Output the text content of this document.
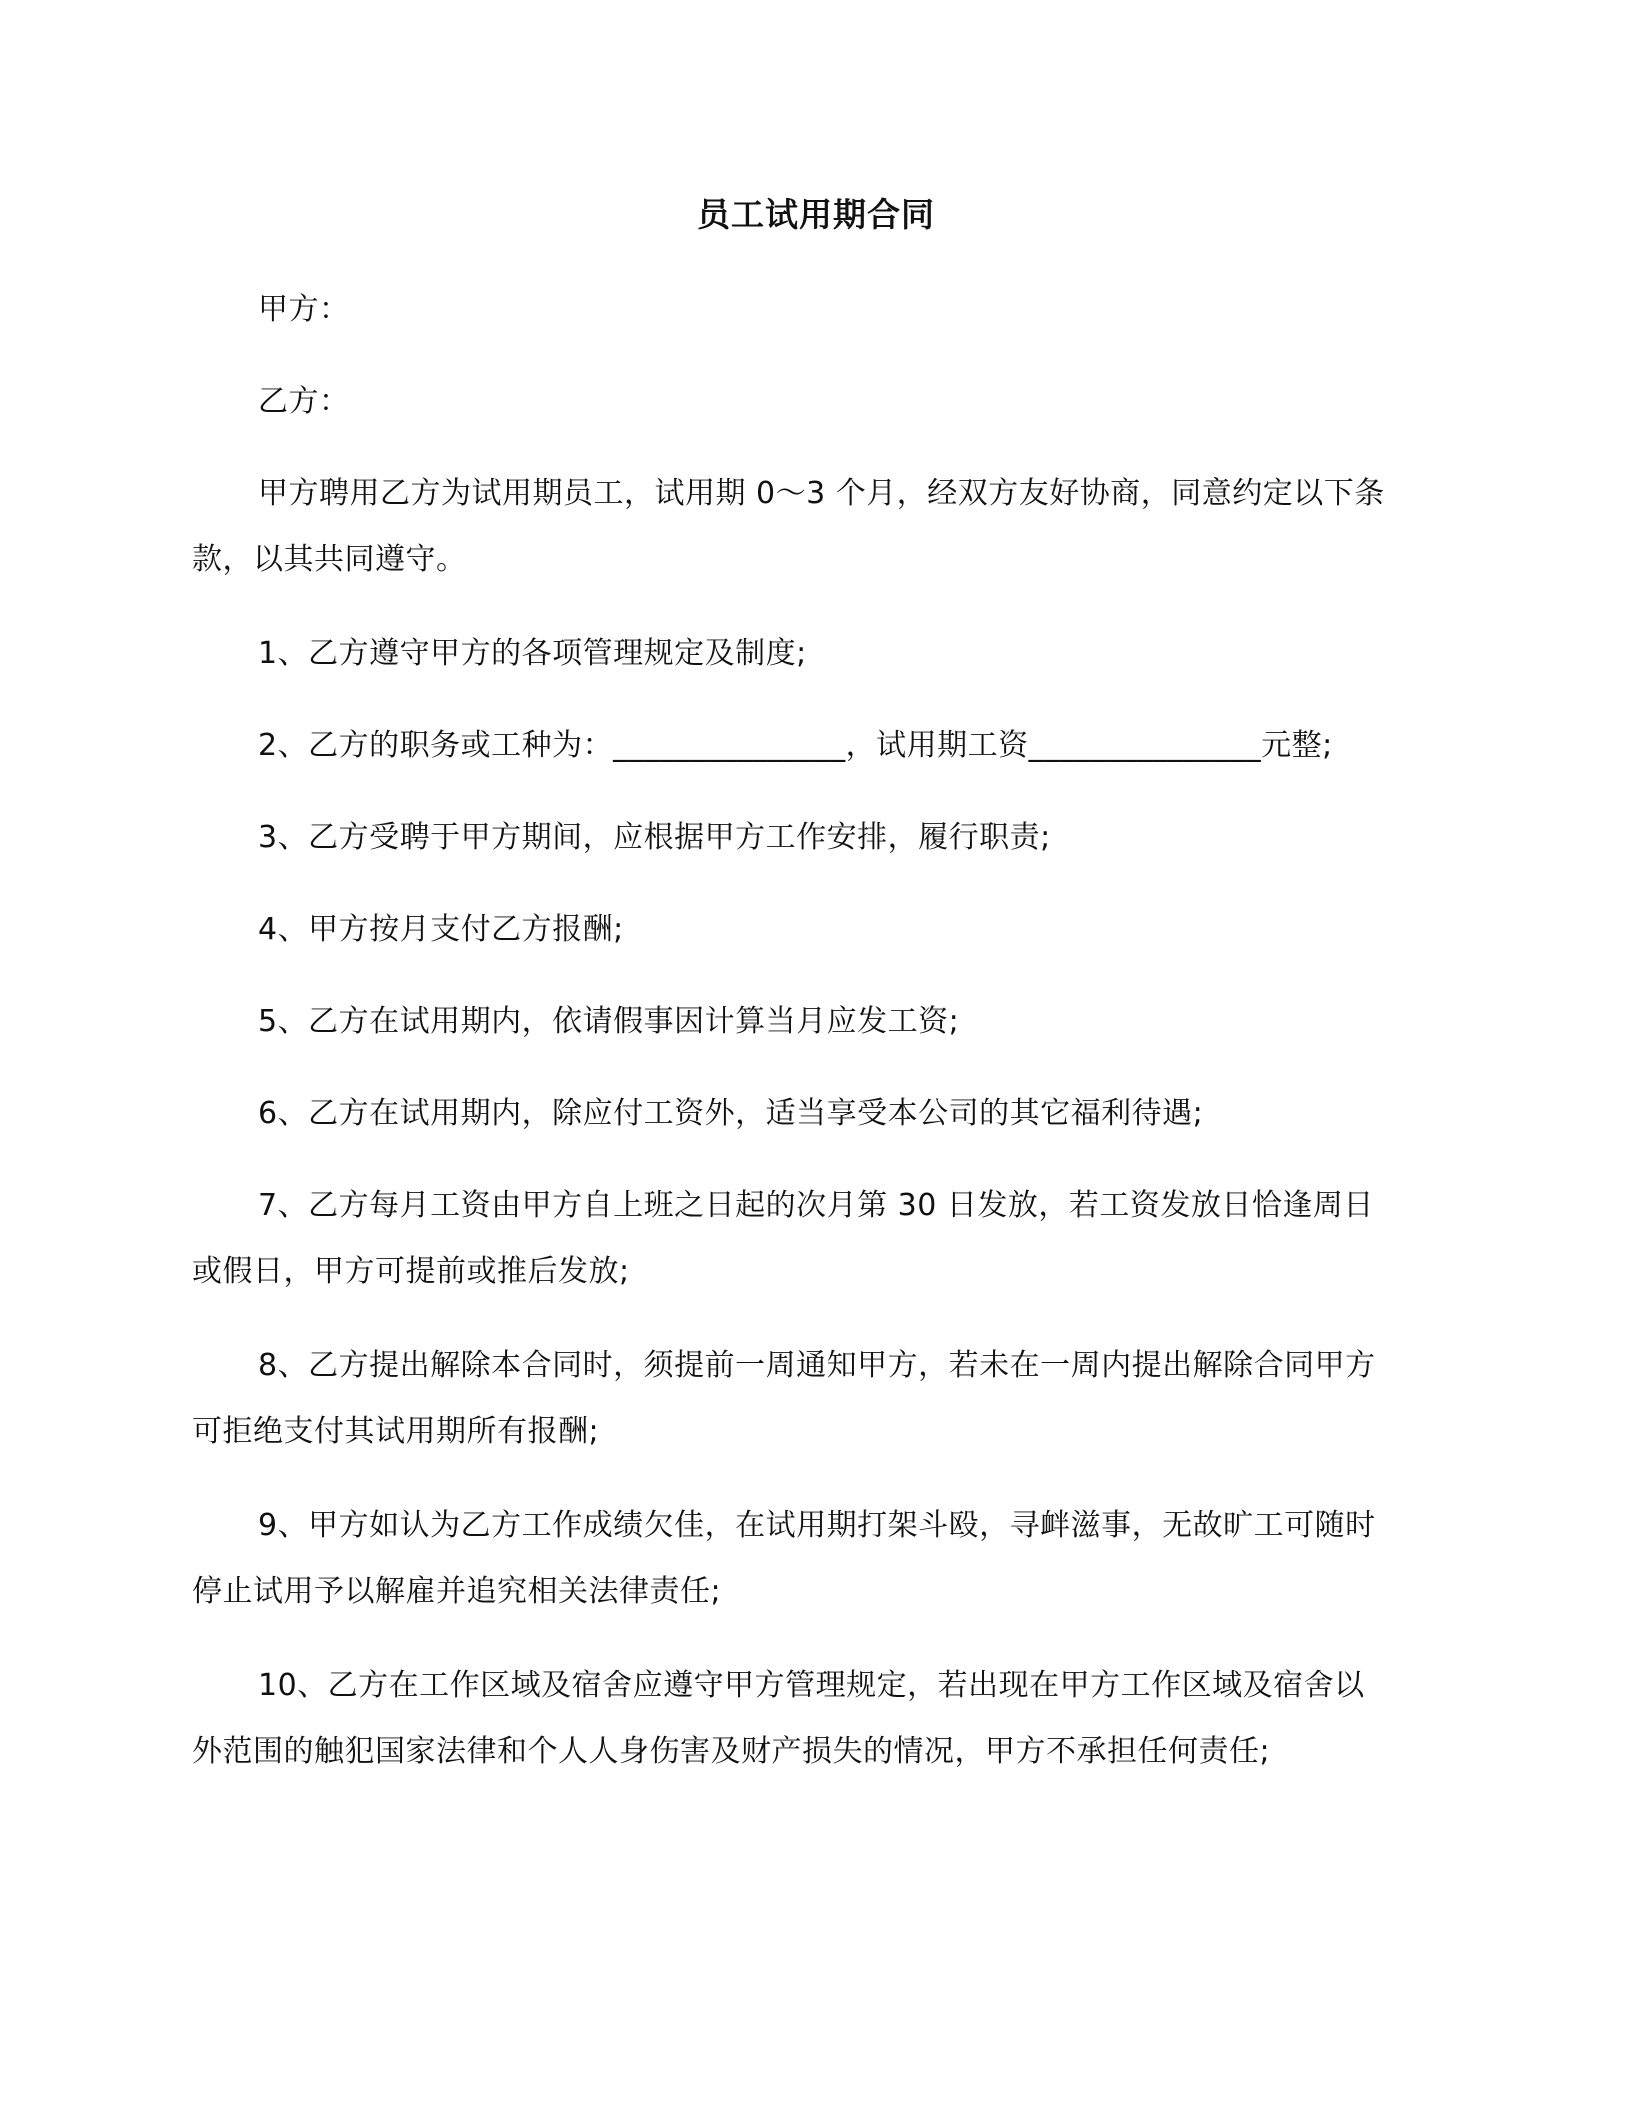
员工试用期合同
甲方：
乙方：
甲方聘用乙方为试用期员工，试用期 0～3 个月，经双方友好协商，同意约定以下条
款，以其共同遵守。
1、乙方遵守甲方的各项管理规定及制度;
2、乙方的职务或工种为：_______________，试用期工资_______________元整;
3、乙方受聘于甲方期间，应根据甲方工作安排，履行职责;
4、甲方按月支付乙方报酬;
5、乙方在试用期内，依请假事因计算当月应发工资;
6、乙方在试用期内，除应付工资外，适当享受本公司的其它福利待遇;
7、乙方每月工资由甲方自上班之日起的次月第 30 日发放，若工资发放日恰逢周日
或假日，甲方可提前或推后发放;
8、乙方提出解除本合同时，须提前一周通知甲方，若未在一周内提出解除合同甲方
可拒绝支付其试用期所有报酬;
9、甲方如认为乙方工作成绩欠佳，在试用期打架斗殴，寻衅滋事，无故旷工可随时
停止试用予以解雇并追究相关法律责任;
10、乙方在工作区域及宿舍应遵守甲方管理规定，若出现在甲方工作区域及宿舍以
外范围的触犯国家法律和个人人身伤害及财产损失的情况，甲方不承担任何责任;
